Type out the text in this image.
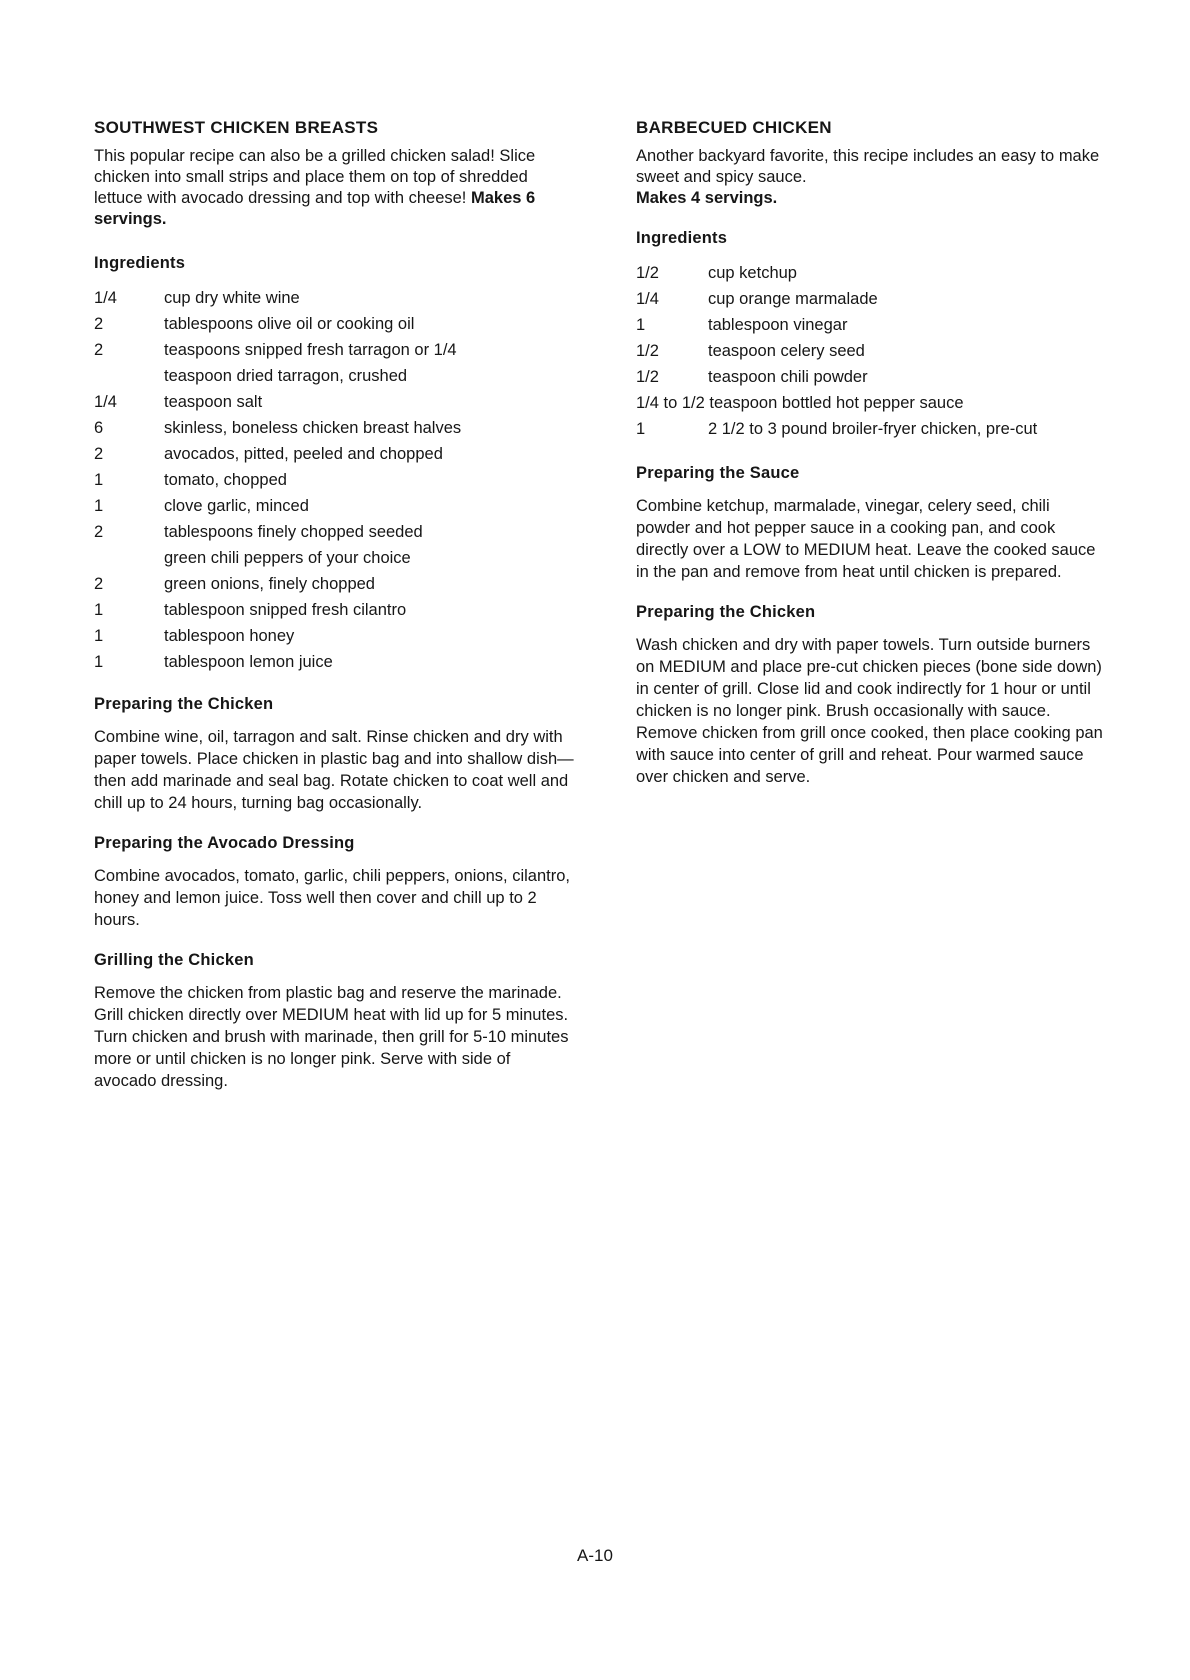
SOUTHWEST CHICKEN BREASTS

This popular recipe can also be a grilled chicken salad! Slice chicken into small strips and place them on top of shredded lettuce with avocado dressing and top with cheese! Makes 6 servings.

Ingredients
1/4	cup dry white wine
2	tablespoons olive oil or cooking oil
2	teaspoons snipped fresh tarragon or 1/4
teaspoon dried tarragon, crushed
1/4	teaspoon salt
6	skinless, boneless chicken breast halves
2	avocados, pitted, peeled and chopped
1	tomato, chopped
1	clove garlic, minced
2	tablespoons finely chopped seeded
green chili peppers of your choice
2	green onions, finely chopped
1	tablespoon snipped fresh cilantro
1	tablespoon honey
1	tablespoon lemon juice
Preparing the Chicken

Combine wine, oil, tarragon and salt. Rinse chicken and dry with paper towels. Place chicken in plastic bag and into shallow dish—then add marinade and seal bag. Rotate chicken to coat well and chill up to 24 hours, turning bag occasionally.

Preparing the Avocado Dressing

Combine avocados, tomato, garlic, chili peppers, onions, cilantro, honey and lemon juice. Toss well then cover and chill up to 2 hours.

Grilling the Chicken

Remove the chicken from plastic bag and reserve the marinade. Grill chicken directly over MEDIUM heat with lid up for 5 minutes. Turn chicken and brush with marinade, then grill for 5-10 minutes more or until chicken is no longer pink. Serve with side of avocado dressing.

BARBECUED CHICKEN

Another backyard favorite, this recipe includes an easy to make sweet and spicy sauce.

Makes 4 servings.

Ingredients
1/2	cup ketchup
1/4	cup orange marmalade
1	tablespoon vinegar
1/2	teaspoon celery seed
1/2	teaspoon chili powder
1/4 to 1/2 teaspoon bottled hot pepper sauce
1	2 1/2 to 3 pound broiler-fryer chicken, pre-cut
Preparing the Sauce

Combine ketchup, marmalade, vinegar, celery seed, chili powder and hot pepper sauce in a cooking pan, and cook directly over a LOW to MEDIUM heat. Leave the cooked sauce in the pan and remove from heat until chicken is prepared.

Preparing the Chicken

Wash chicken and dry with paper towels. Turn outside burners on MEDIUM and place pre-cut chicken pieces (bone side down) in center of grill. Close lid and cook indirectly for 1 hour or until chicken is no longer pink. Brush occasionally with sauce. Remove chicken from grill once cooked, then place cooking pan with sauce into center of grill and reheat. Pour warmed sauce over chicken and serve.

A-10
